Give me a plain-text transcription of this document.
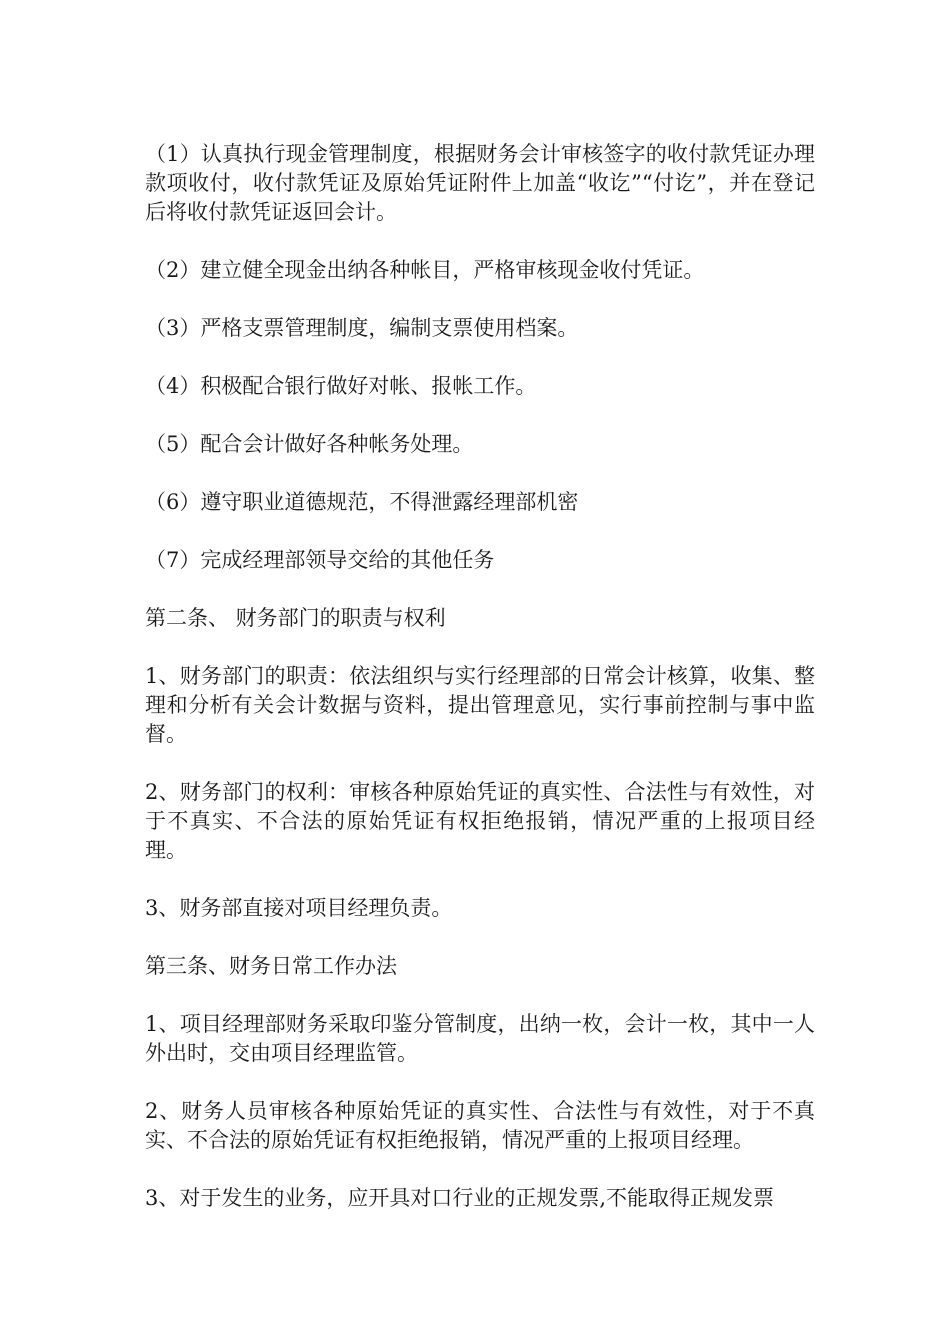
（1）认真执行现金管理制度，根据财务会计审核签字的收付款凭证办理款项收付，收付款凭证及原始凭证附件上加盖“收讫”“付讫”，并在登记后将收付款凭证返回会计。

（2）建立健全现金出纳各种帐目，严格审核现金收付凭证。

（3）严格支票管理制度，编制支票使用档案。

（4）积极配合银行做好对帐、报帐工作。

（5）配合会计做好各种帐务处理。

（6）遵守职业道德规范，不得泄露经理部机密

（7）完成经理部领导交给的其他任务

第二条、 财务部门的职责与权利

1、财务部门的职责：依法组织与实行经理部的日常会计核算，收集、整理和分析有关会计数据与资料，提出管理意见，实行事前控制与事中监督。

2、财务部门的权利：审核各种原始凭证的真实性、合法性与有效性，对于不真实、不合法的原始凭证有权拒绝报销，情况严重的上报项目经理。

3、财务部直接对项目经理负责。

第三条、财务日常工作办法

1、项目经理部财务采取印鉴分管制度，出纳一枚，会计一枚，其中一人外出时，交由项目经理监管。

2、财务人员审核各种原始凭证的真实性、合法性与有效性，对于不真实、不合法的原始凭证有权拒绝报销，情况严重的上报项目经理。

3、对于发生的业务，应开具对口行业的正规发票,不能取得正规发票
